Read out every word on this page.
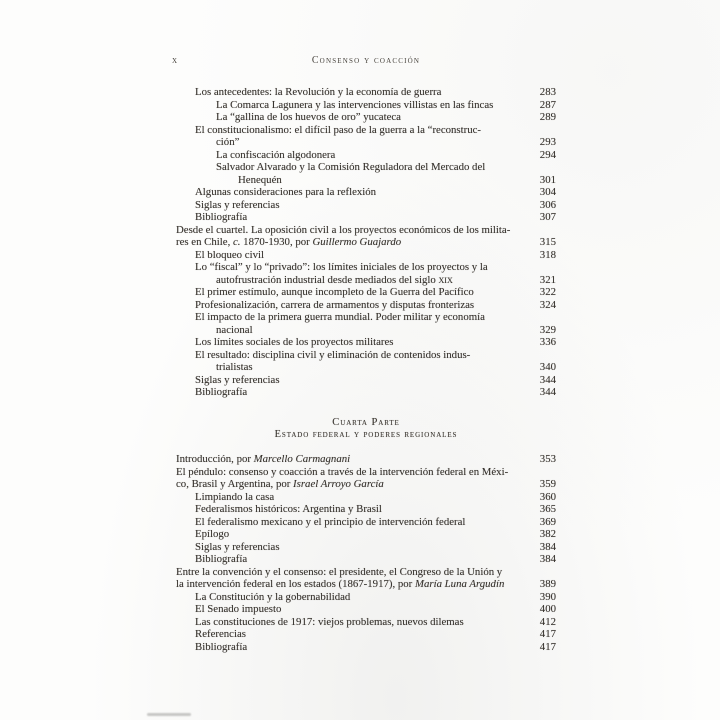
x	Consenso y coacción
Los antecedentes: la Revolución y la economía de guerra	283
La Comarca Lagunera y las intervenciones villistas en las fincas	287
La “gallina de los huevos de oro” yucateca	289
El constitucionalismo: el difícil paso de la guerra a la “reconstruc-
ción”	293
La confiscación algodonera	294
Salvador Alvarado y la Comisión Reguladora del Mercado del
Henequén	301
Algunas consideraciones para la reflexión	304
Siglas y referencias	306
Bibliografía	307
Desde el cuartel. La oposición civil a los proyectos económicos de los milita-
res en Chile, c. 1870-1930, por Guillermo Guajardo	315
El bloqueo civil	318
Lo “fiscal” y lo “privado”: los límites iniciales de los proyectos y la
autofrustración industrial desde mediados del siglo xix	321
El primer estímulo, aunque incompleto de la Guerra del Pacífico	322
Profesionalización, carrera de armamentos y disputas fronterizas	324
El impacto de la primera guerra mundial. Poder militar y economía
nacional	329
Los límites sociales de los proyectos militares	336
El resultado: disciplina civil y eliminación de contenidos indus-
trialistas	340
Siglas y referencias	344
Bibliografía	344
Cuarta Parte
Estado federal y poderes regionales
Introducción, por Marcello Carmagnani	353
El péndulo: consenso y coacción a través de la intervención federal en Méxi-
co, Brasil y Argentina, por Israel Arroyo García	359
Limpiando la casa	360
Federalismos históricos: Argentina y Brasil	365
El federalismo mexicano y el principio de intervención federal	369
Epílogo	382
Siglas y referencias	384
Bibliografía	384
Entre la convención y el consenso: el presidente, el Congreso de la Unión y
la intervención federal en los estados (1867-1917), por María Luna Argudín	389
La Constitución y la gobernabilidad	390
El Senado impuesto	400
Las constituciones de 1917: viejos problemas, nuevos dilemas	412
Referencias	417
Bibliografía	417
